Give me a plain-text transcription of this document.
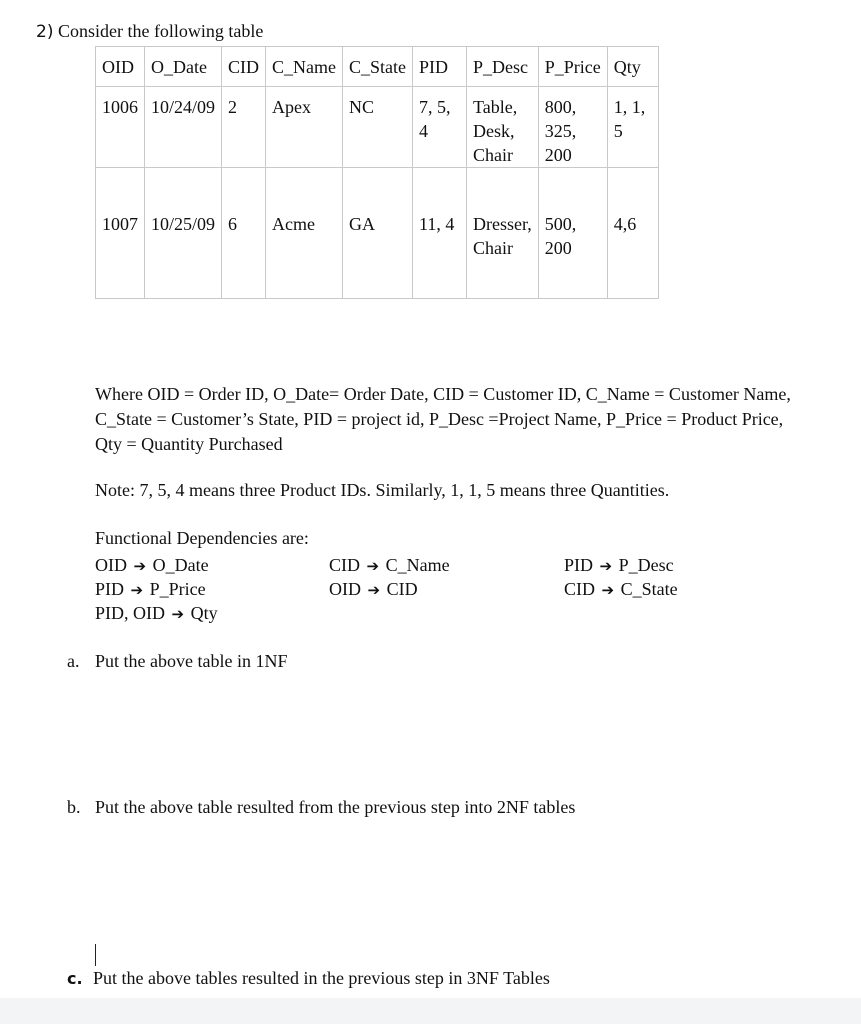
2) Consider the following table
OID	O_Date	CID	C_Name	C_State	PID	P_Desc	P_Price	Qty
1006	10/24/09	2	Apex	NC	7, 5, 4	Table,
Desk,
Chair	800,
325,
200	1, 1, 5
1007	10/25/09	6	Acme	GA	11, 4	Dresser,
Chair	500,
200	4,6

Where OID = Order ID, O_Date= Order Date, CID = Customer ID, C_Name = Customer Name, C_State = Customer’s State, PID = project id, P_Desc =Project Name, P_Price = Product Price, Qty = Quantity Purchased

Note: 7, 5, 4 means three Product IDs. Similarly, 1, 1, 5 means three Quantities.

Functional Dependencies are:

OID ➔ O_Date	CID ➔ C_Name	PID ➔ P_Desc
PID ➔ P_Price	OID ➔ CID	CID ➔ C_State
PID, OID ➔ Qty
a. Put the above table in 1NF
b. Put the above table resulted from the previous step into 2NF tables
c. Put the above tables resulted in the previous step in 3NF Tables
